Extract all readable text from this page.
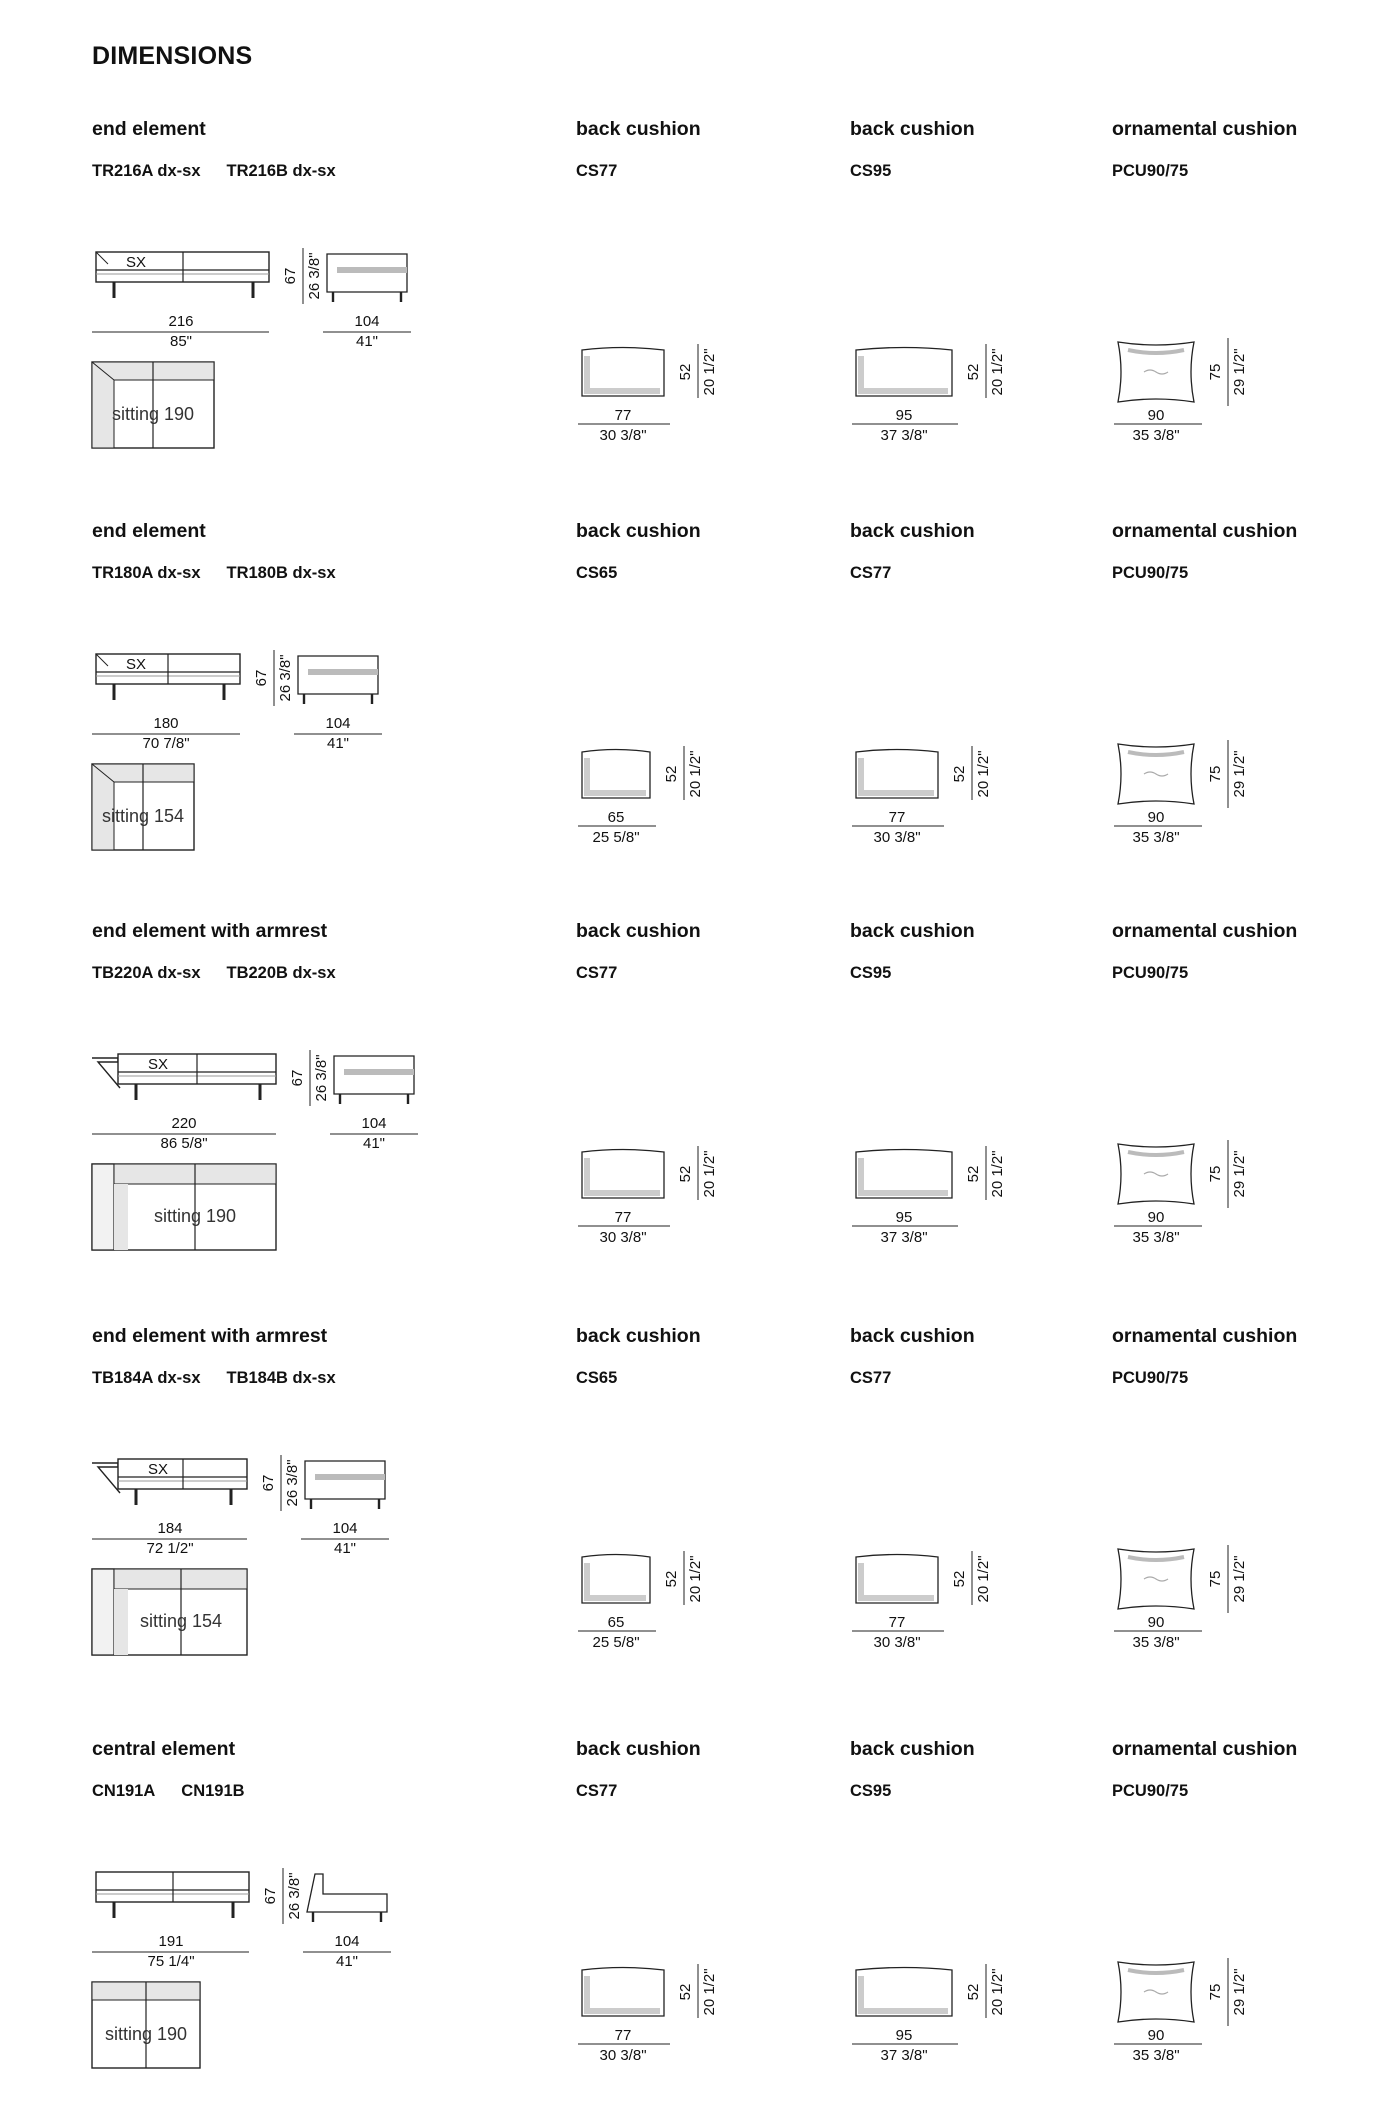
DIMENSIONS
end element
TR216A dx-sx TR216B dx-sx
SX
67 26 3/8"
216
85"
104
41"
sitting 190
back cushion
CS77
52 20 1/2"
77
30 3/8"
back cushion
CS95
52 20 1/2"
95
37 3/8"
ornamental cushion
PCU90/75
75 29 1/2"
90
35 3/8"
end element
TR180A dx-sx TR180B dx-sx
SX
67 26 3/8"
180
70 7/8"
104
41"
sitting 154
back cushion
CS65
52 20 1/2"
65
25 5/8"
back cushion
CS77
52 20 1/2"
77
30 3/8"
ornamental cushion
PCU90/75
75 29 1/2"
90
35 3/8"
end element with armrest
TB220A dx-sx TB220B dx-sx
SX
67 26 3/8"
220
86 5/8"
104
41"
sitting 190
back cushion
CS77
52 20 1/2"
77
30 3/8"
back cushion
CS95
52 20 1/2"
95
37 3/8"
ornamental cushion
PCU90/75
75 29 1/2"
90
35 3/8"
end element with armrest
TB184A dx-sx TB184B dx-sx
SX
67 26 3/8"
184
72 1/2"
104
41"
sitting 154
back cushion
CS65
52 20 1/2"
65
25 5/8"
back cushion
CS77
52 20 1/2"
77
30 3/8"
ornamental cushion
PCU90/75
75 29 1/2"
90
35 3/8"
central element
CN191A CN191B
67 26 3/8"
191
75 1/4"
104
41"
sitting 190
back cushion
CS77
52 20 1/2"
77
30 3/8"
back cushion
CS95
52 20 1/2"
95
37 3/8"
ornamental cushion
PCU90/75
75 29 1/2"
90
35 3/8"
